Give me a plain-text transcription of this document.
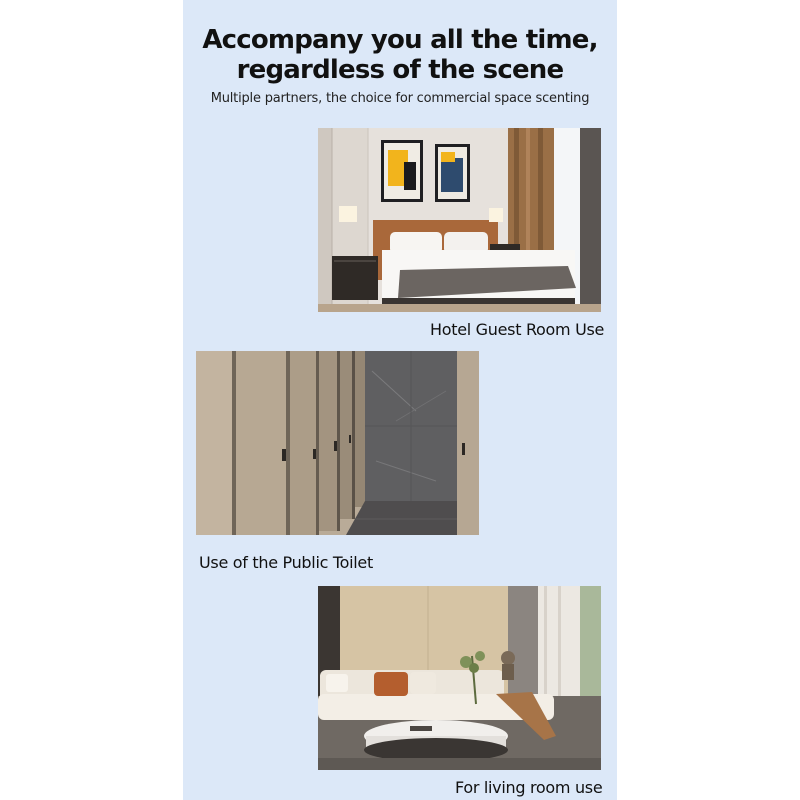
Accompany you all the time,
regardless of the scene
Multiple partners, the choice for commercial space scenting
Hotel Guest Room Use
Use of the Public Toilet
For living room use
